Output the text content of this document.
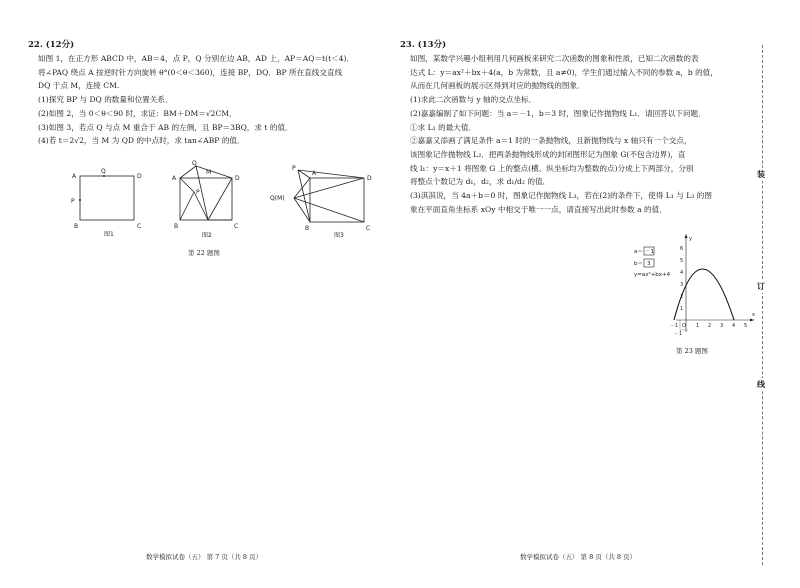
22. (12分)
如图 1，在正方形 ABCD 中，AB＝4，点 P，Q 分别在边 AB，AD 上，AP＝AQ＝t(t＜4)．
将∠PAQ 绕点 A 按逆时针方向旋转 θ°(0＜θ＜360)，连接 BP，DQ．BP 所在直线交直线
DQ 于点 M，连接 CM.
(1)探究 BP 与 DQ 的数量和位置关系．
(2)如图 2，当 0＜θ＜90 时，求证：BM＋DM＝√2CM．
(3)如图 3，若点 Q 与点 M 重合于 AB 的左侧，且 BP＝3BQ，求 t 的值．
(4)若 t＝2√2，当 M 为 QD 的中点时，求 tan∠ABP 的值．
A
Q
D
P
B	C
图1
Q
A	D
M
P
B	C
图2
P
A
D
Q(M)
B	C
图3
第 22 题图
数学模拟试卷（五） 第 7 页（共 8 页）
23. (13分)
如图，某数学兴趣小组利用几何画板来研究二次函数的图象和性质，已知二次函数的表
达式 L：y＝ax²＋bx＋4(a，b 为常数，且 a≠0)，学生们通过输入不同的参数 a，b 的值，
从而在几何画板的展示区得到对应的抛物线的图象．
(1)求此二次函数与 y 轴的交点坐标．
(2)嘉嘉编制了如下问题：当 a＝－1，b＝3 时，图象记作抛物线 L₁．请回答以下问题．
①求 L₁ 的最大值．
②嘉嘉又添画了满足条件 a＝1 时的一条抛物线，且新抛物线与 x 轴只有一个交点，
该图象记作抛物线 L₂．把两条抛物线形成的封闭图形记为图象 G(不包含边界)，直
线 l₁：y＝x＋1 将图象 G 上的整点(横、纵坐标均为整数的点)分成上下两部分，分别
将整点个数记为 d₁，d₂，求 d₁/d₂ 的值．
(3)淇淇说，当 4a＋b＝0 时，图象记作抛物线 L₃，若在(2)的条件下，使得 L₁ 与 L₃ 的图
象在平面直角坐标系 xOy 中相交于唯一一点，请直接写出此时参数 a 的值．
a＝ －1
b＝ 3
y=ax²+bx+4
－1 O 1 2 3 4 5
x
6
5
4
3
2
1
－1
y
第 23 题图
数学模拟试卷（五） 第 8 页（共 8 页）
装
订
线
